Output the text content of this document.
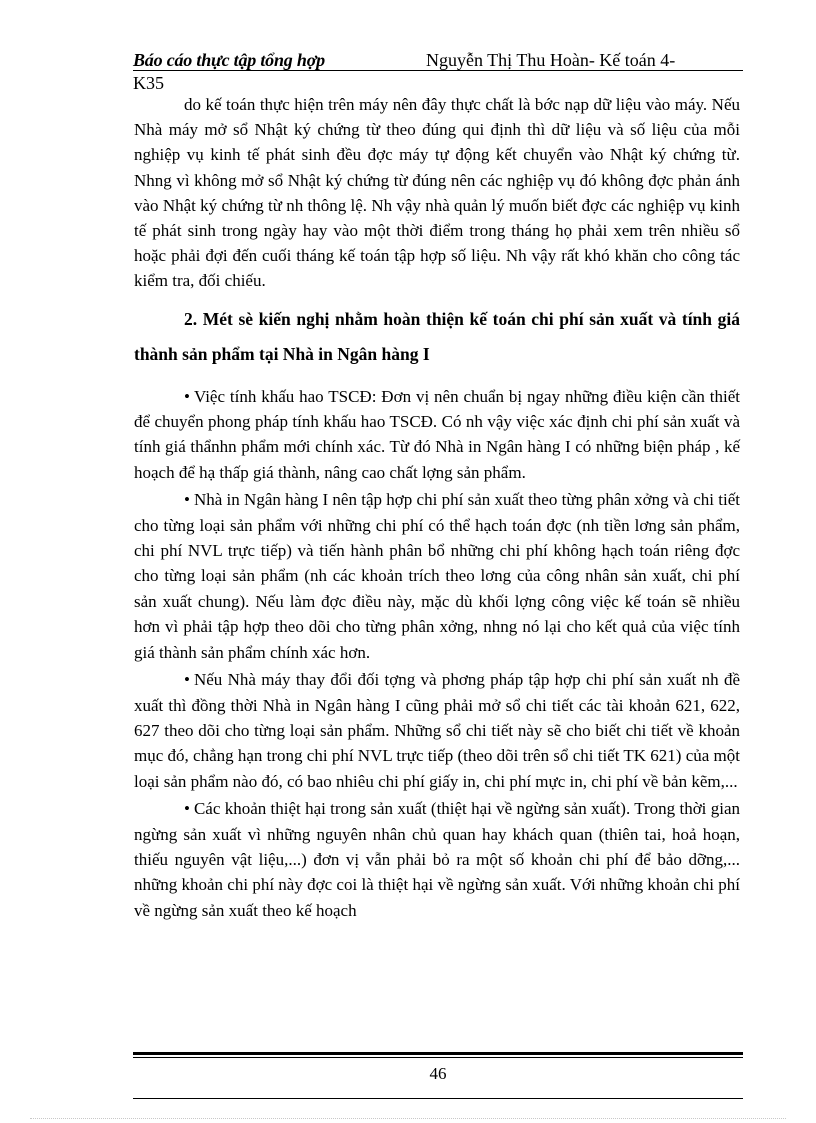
Báo cáo thực tập tổng hợp	Nguyễn Thị Thu Hoàn- Kế toán 4-
K35

do kế toán thực hiện trên máy nên đây thực chất là bớc nạp dữ liệu vào máy. Nếu Nhà máy mở sổ Nhật ký chứng từ theo đúng qui định thì dữ liệu và số liệu của mỗi nghiệp vụ kinh tế phát sinh đều đợc máy tự động kết chuyển vào Nhật ký chứng từ. Nhng vì không mở sổ Nhật ký chứng từ đúng nên các nghiệp vụ đó không đợc phản ánh vào Nhật ký chứng từ nh thông lệ. Nh vậy nhà quản lý muốn biết đợc các nghiệp vụ kinh tế phát sinh trong ngày hay vào một thời điểm trong tháng họ phải xem trên nhiều sổ hoặc phải đợi đến cuối tháng kế toán tập hợp số liệu. Nh vậy rất khó khăn cho công tác kiểm tra, đối chiếu.

2. Mét sè kiến nghị nhằm hoàn thiện kế toán chi phí sản xuất và tính giá thành sản phẩm tại Nhà in Ngân hàng I

• Việc tính khấu hao TSCĐ: Đơn vị nên chuẩn bị ngay những điều kiện cần thiết để chuyển phong pháp tính khấu hao TSCĐ. Có nh vậy việc xác định chi phí sản xuất và tính giá thẩnhn phẩm mới chính xác. Từ đó Nhà in Ngân hàng I có những biện pháp , kế hoạch để hạ thấp giá thành, nâng cao chất lợng sản phẩm.

• Nhà in Ngân hàng I nên tập hợp chi phí sản xuất theo từng phân xởng và chi tiết cho từng loại sản phẩm với những chi phí có thể hạch toán đợc (nh tiền lơng sản phẩm, chi phí NVL trực tiếp) và tiến hành phân bổ những chi phí không hạch toán riêng đợc cho từng loại sản phẩm (nh các khoản trích theo lơng của công nhân sản xuất, chi phí sản xuất chung). Nếu làm đợc điều này, mặc dù khối lợng công việc kế toán sẽ nhiều hơn vì phải tập hợp theo dõi cho từng phân xởng, nhng nó lại cho kết quả của việc tính giá thành sản phẩm chính xác hơn.

• Nếu Nhà máy thay đổi đối tợng và phơng pháp tập hợp chi phí sản xuất nh đề xuất thì đồng thời Nhà in Ngân hàng I cũng phải mở sổ chi tiết các tài khoản 621, 622, 627 theo dõi cho từng loại sản phẩm. Những sổ chi tiết này sẽ cho biết chi tiết về khoản mục đó, chẳng hạn trong chi phí NVL trực tiếp (theo dõi trên sổ chi tiết TK 621) của một loại sản phẩm nào đó, có bao nhiêu chi phí giấy in, chi phí mực in, chi phí về bản kẽm,...

• Các khoản thiệt hại trong sản xuất (thiệt hại về ngừng sản xuất). Trong thời gian ngừng sản xuất vì những nguyên nhân chủ quan hay khách quan (thiên tai, hoả hoạn, thiếu nguyên vật liệu,...) đơn vị vẫn phải bỏ ra một số khoản chi phí để bảo dỡng,... những khoản chi phí này đợc coi là thiệt hại về ngừng sản xuất. Với những khoản chi phí về ngừng sản xuất theo kế hoạch

46
